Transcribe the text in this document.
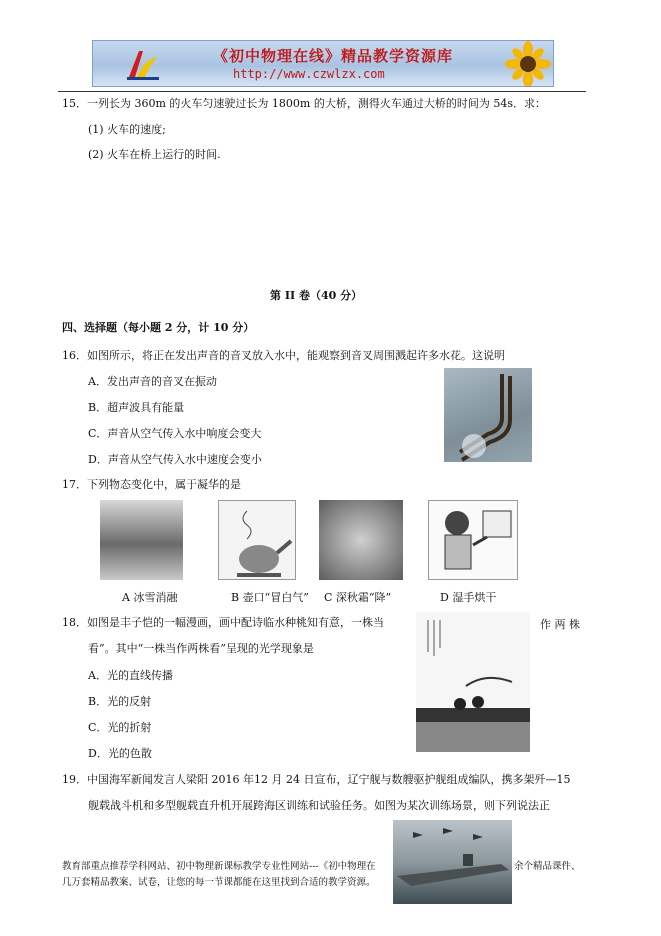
《初中物理在线》精品教学资源库
http://www.czwlzx.com
15．一列长为 360m 的火车匀速驶过长为 1800m 的大桥，测得火车通过大桥的时间为 54s．求：
(1) 火车的速度;
(2) 火车在桥上运行的时间.
第 II 卷（40 分）
四、选择题（每小题 2 分，计 10 分）
16．如图所示，将正在发出声音的音叉放入水中，能观察到音叉周围溅起许多水花。这说明
A．发出声音的音叉在振动
B．超声波具有能量
C．声音从空气传入水中响度会变大
D．声音从空气传入水中速度会变小
17．下列物态变化中，属于凝华的是
A 冰雪消融	B 壶口“冒白气” C 深秋霜“降”	D 湿手烘干
18．如图是丰子恺的一幅漫画，画中配诗临水种桃知有意，一株当	作 两 株
看”。其中“一株当作两株看”呈现的光学现象是
A．光的直线传播
B．光的反射
C．光的折射
D．光的色散
19．中国海军新闻发言人梁阳 2016 年12 月 24 日宣布，辽宁舰与数艘驱护舰组成编队，携多架歼—15
舰载战斗机和多型舰载直升机开展跨海区训练和试验任务。如图为某次训练场景，则下列说法正
教育部重点推荐学科网站、初中物理新课标教学专业性网站---《初中物理在	余个精品课件、
几万套精品教案、试卷，让您的每一节课都能在这里找到合适的教学资源。
